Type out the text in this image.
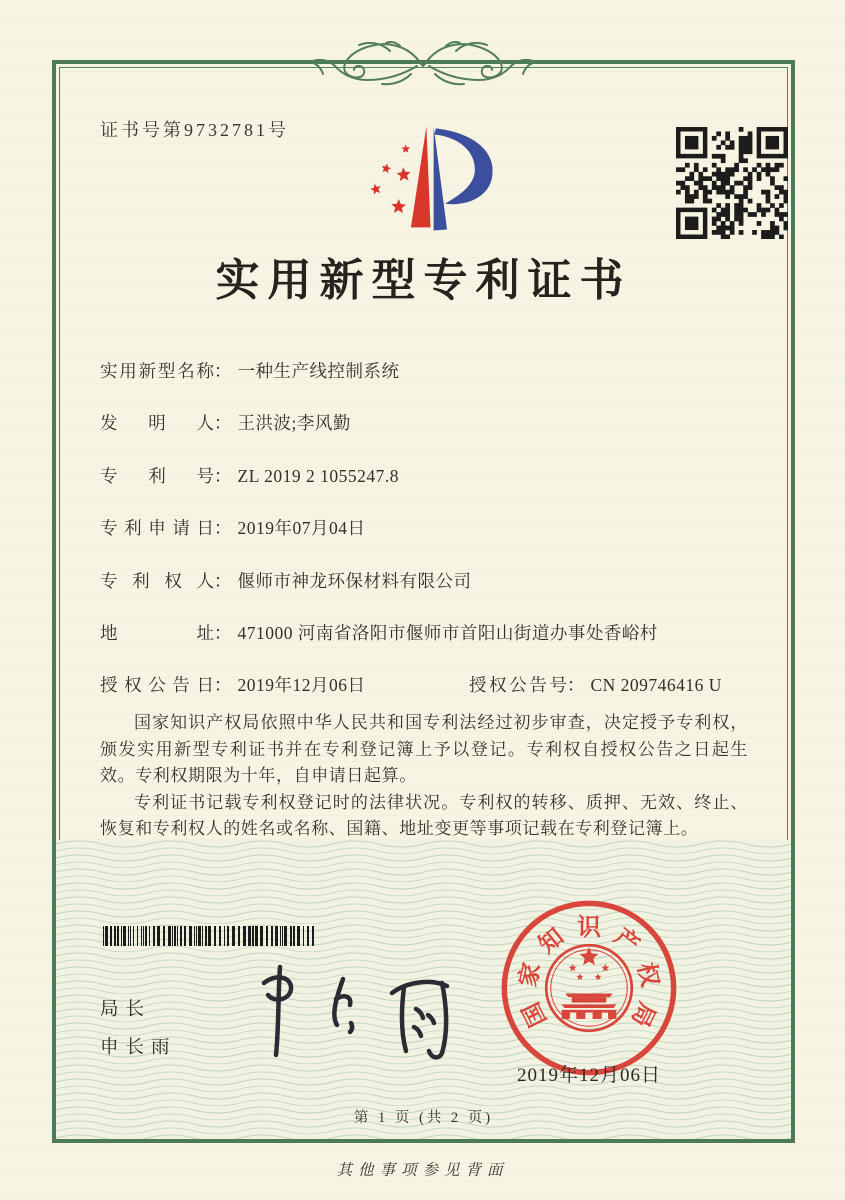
证书号第9732781号
实用新型专利证书
实用新型名称： 一种生产线控制系统
发明人： 王洪波;李风勤
专利号： ZL 2019 2 1055247.8
专利申请日： 2019年07月04日
专利权人： 偃师市神龙环保材料有限公司
地址： 471000 河南省洛阳市偃师市首阳山街道办事处香峪村
授权公告日： 2019年12月06日	授权公告号： CN 209746416 U

国家知识产权局依照中华人民共和国专利法经过初步审查，决定授予专利权，颁发实用新型专利证书并在专利登记簿上予以登记。专利权自授权公告之日起生效。专利权期限为十年，自申请日起算。

专利证书记载专利权登记时的法律状况。专利权的转移、质押、无效、终止、恢复和专利权人的姓名或名称、国籍、地址变更等事项记载在专利登记簿上。

局长
申长雨
国
家
知 识 产
权
局
2019年12月06日
第 1 页 (共 2 页)
其他事项参见背面
